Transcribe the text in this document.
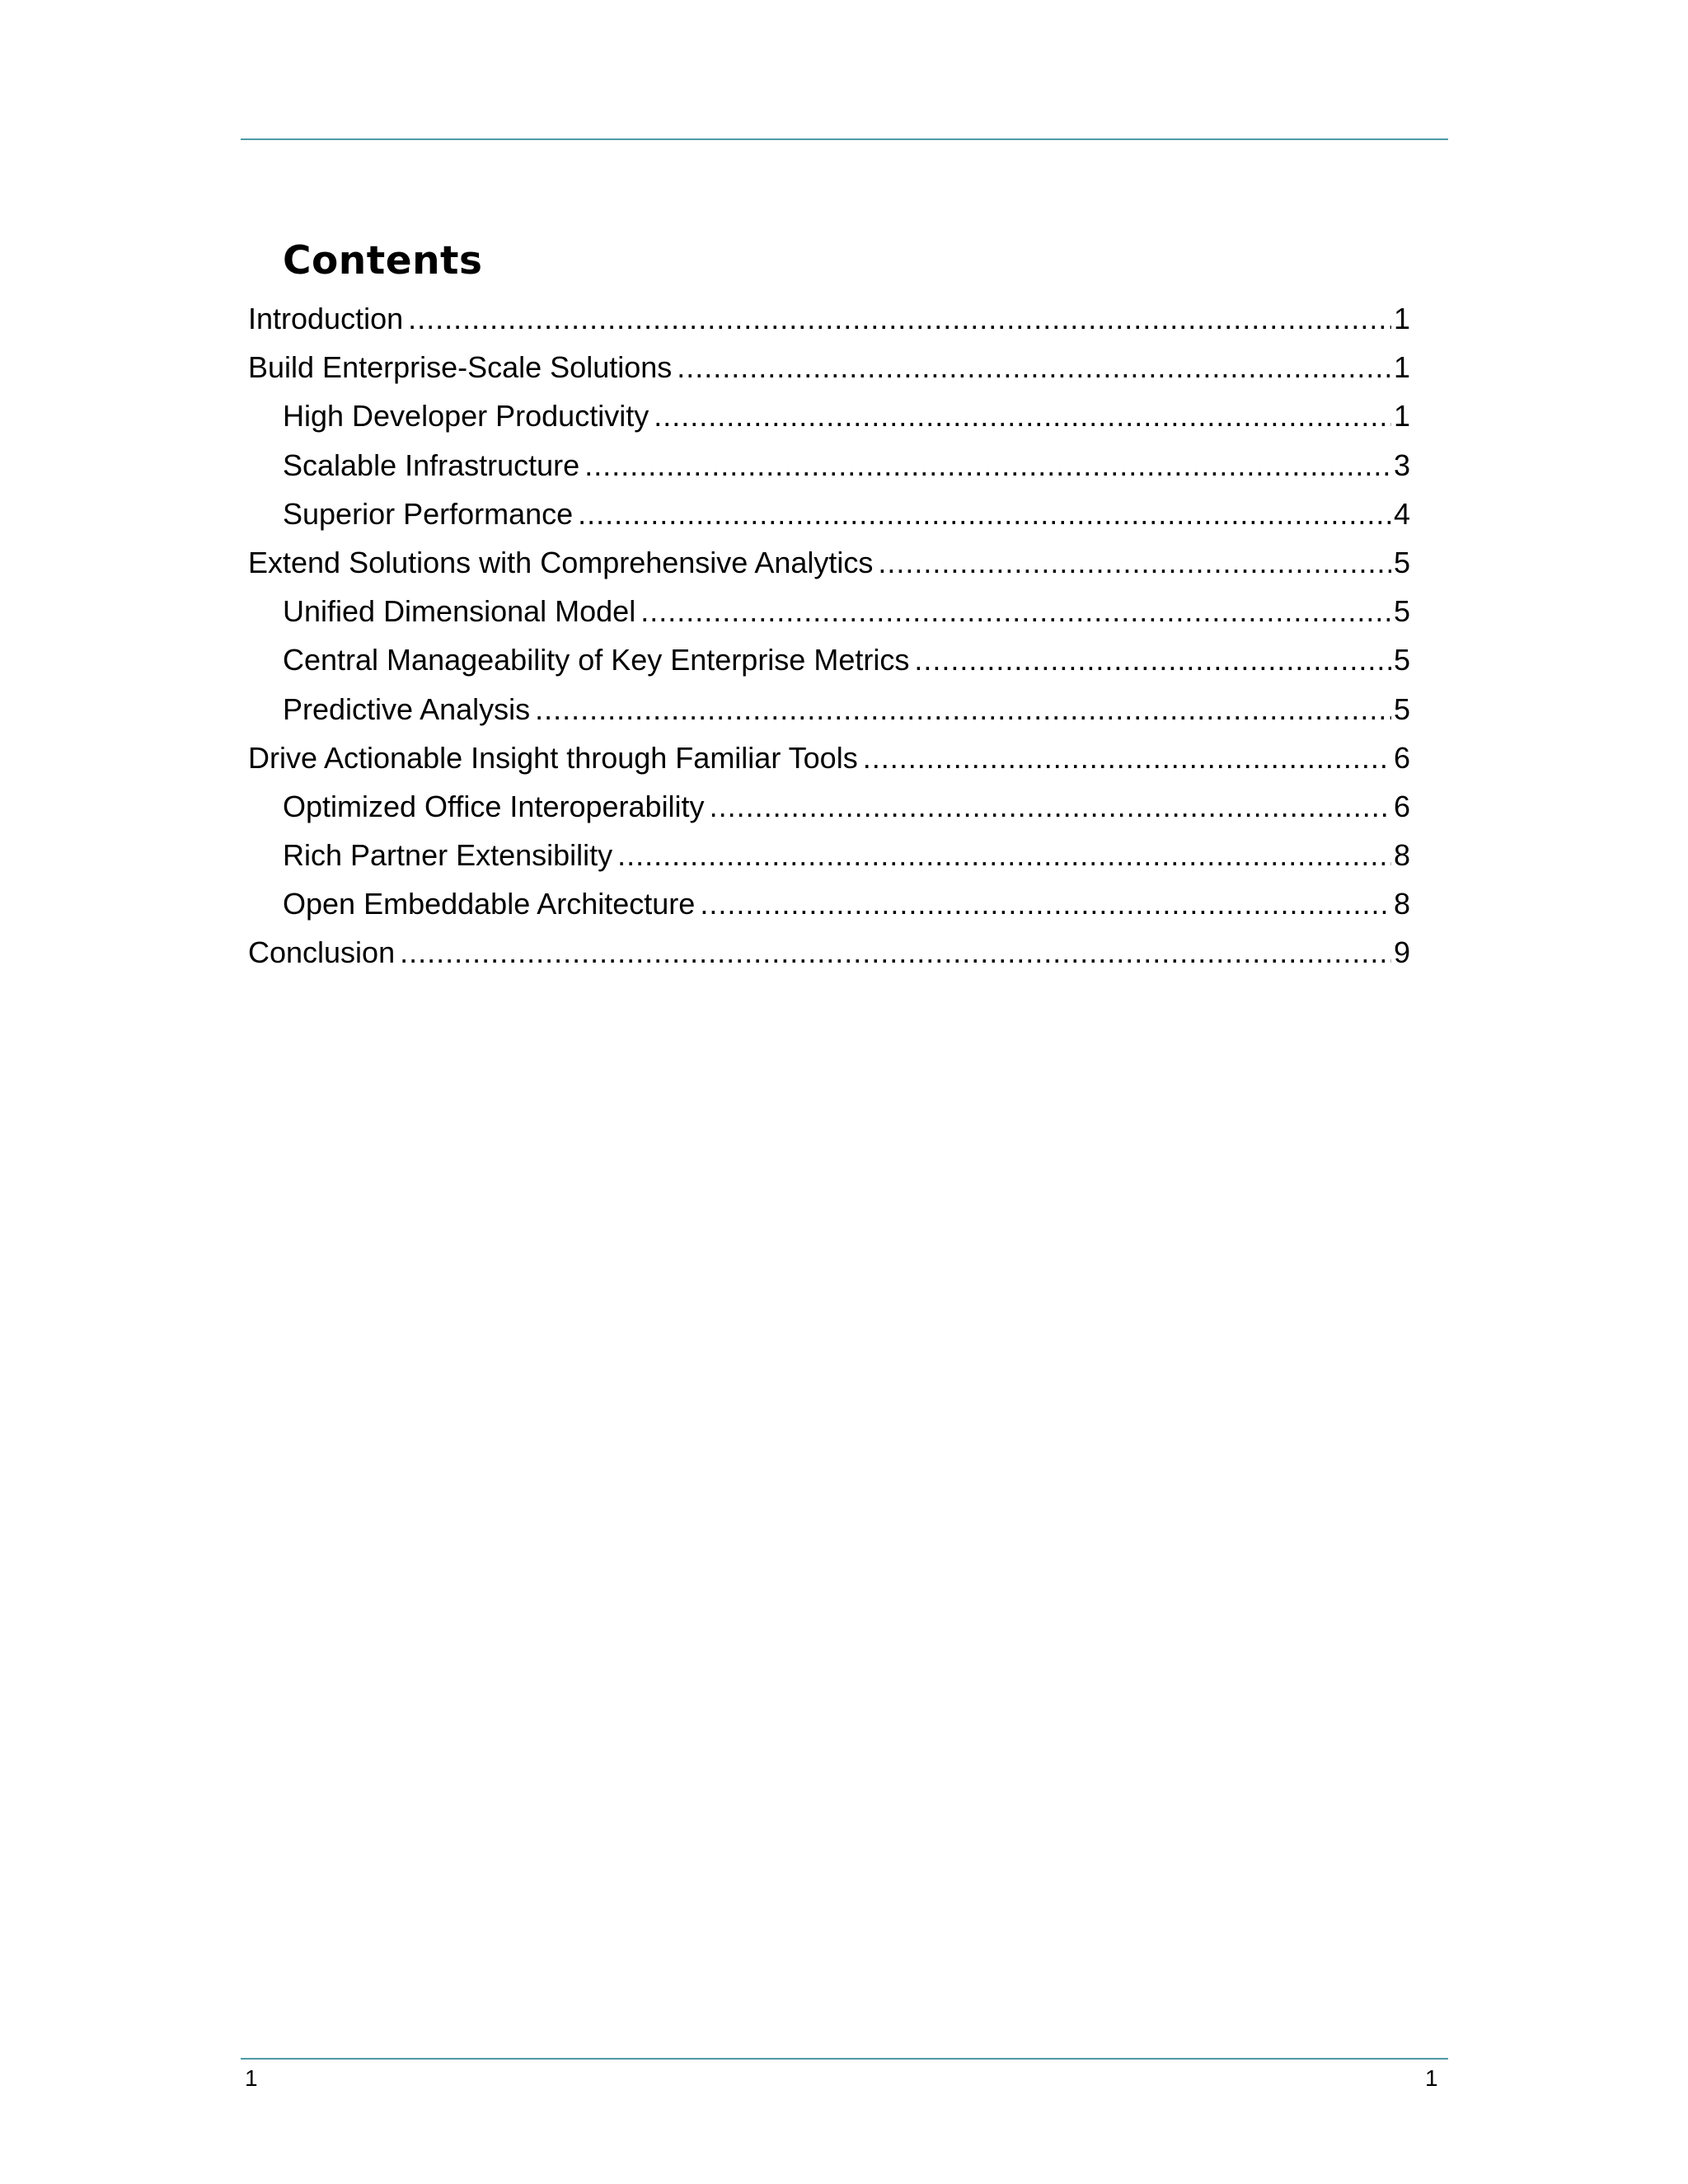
Contents
Introduction .....	1
Build Enterprise-Scale Solutions .....	1
High Developer Productivity .....	1
Scalable Infrastructure .....	3
Superior Performance .....	4
Extend Solutions with Comprehensive Analytics .....	5
Unified Dimensional Model .....	5
Central Manageability of Key Enterprise Metrics .....	5
Predictive Analysis .....	5
Drive Actionable Insight through Familiar Tools .....	6
Optimized Office Interoperability .....	6
Rich Partner Extensibility .....	8
Open Embeddable Architecture .....	8
Conclusion .....	9
1	1
